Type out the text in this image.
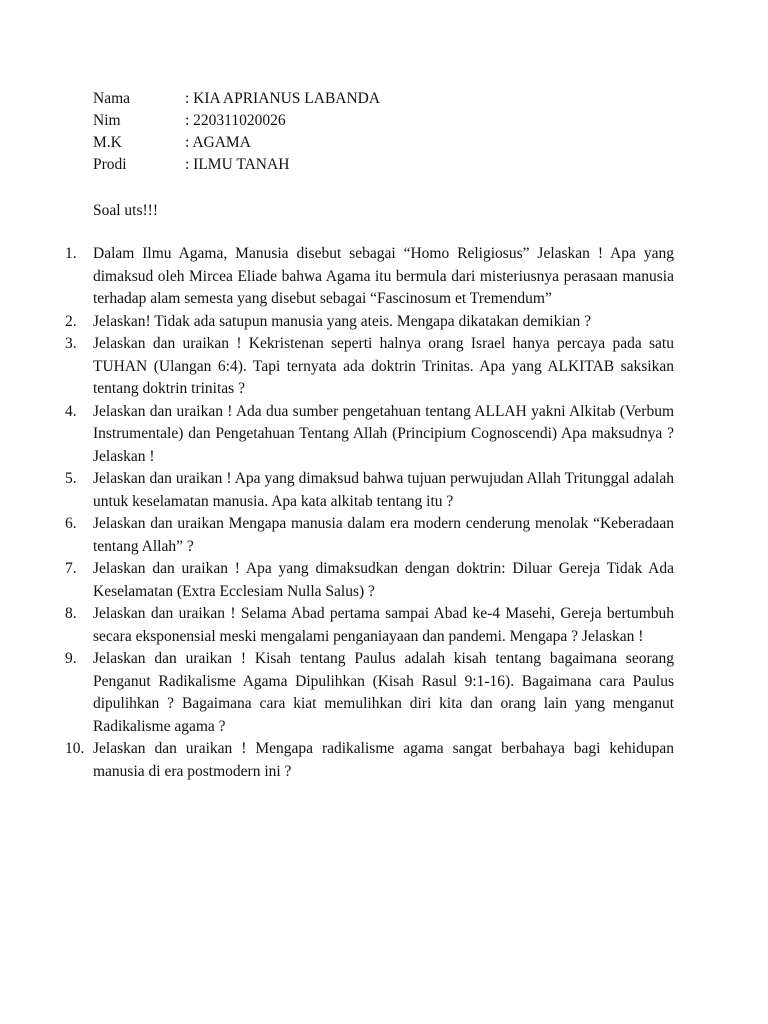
Nama	: KIA APRIANUS LABANDA
Nim	: 220311020026
M.K	: AGAMA
Prodi	: ILMU TANAH
Soal uts!!!
1. Dalam Ilmu Agama, Manusia disebut sebagai “Homo Religiosus” Jelaskan ! Apa yang dimaksud oleh Mircea Eliade bahwa Agama itu bermula dari misteriusnya perasaan manusia terhadap alam semesta yang disebut sebagai “Fascinosum et Tremendum”
2. Jelaskan! Tidak ada satupun manusia yang ateis. Mengapa dikatakan demikian ?
3. Jelaskan dan uraikan ! Kekristenan seperti halnya orang Israel hanya percaya pada satu TUHAN (Ulangan 6:4). Tapi ternyata ada doktrin Trinitas. Apa yang ALKITAB saksikan tentang doktrin trinitas ?
4. Jelaskan dan uraikan ! Ada dua sumber pengetahuan tentang ALLAH yakni Alkitab (Verbum Instrumentale) dan Pengetahuan Tentang Allah (Principium Cognoscendi) Apa maksudnya ? Jelaskan !
5. Jelaskan dan uraikan ! Apa yang dimaksud bahwa tujuan perwujudan Allah Tritunggal adalah untuk keselamatan manusia. Apa kata alkitab tentang itu ?
6. Jelaskan dan uraikan Mengapa manusia dalam era modern cenderung menolak “Keberadaan tentang Allah” ?
7. Jelaskan dan uraikan ! Apa yang dimaksudkan dengan doktrin: Diluar Gereja Tidak Ada Keselamatan (Extra Ecclesiam Nulla Salus) ?
8. Jelaskan dan uraikan ! Selama Abad pertama sampai Abad ke-4 Masehi, Gereja bertumbuh secara eksponensial meski mengalami penganiayaan dan pandemi. Mengapa ? Jelaskan !
9. Jelaskan dan uraikan ! Kisah tentang Paulus adalah kisah tentang bagaimana seorang Penganut Radikalisme Agama Dipulihkan (Kisah Rasul 9:1-16). Bagaimana cara Paulus dipulihkan ? Bagaimana cara kiat memulihkan diri kita dan orang lain yang menganut Radikalisme agama ?
10. Jelaskan dan uraikan ! Mengapa radikalisme agama sangat berbahaya bagi kehidupan manusia di era postmodern ini ?
